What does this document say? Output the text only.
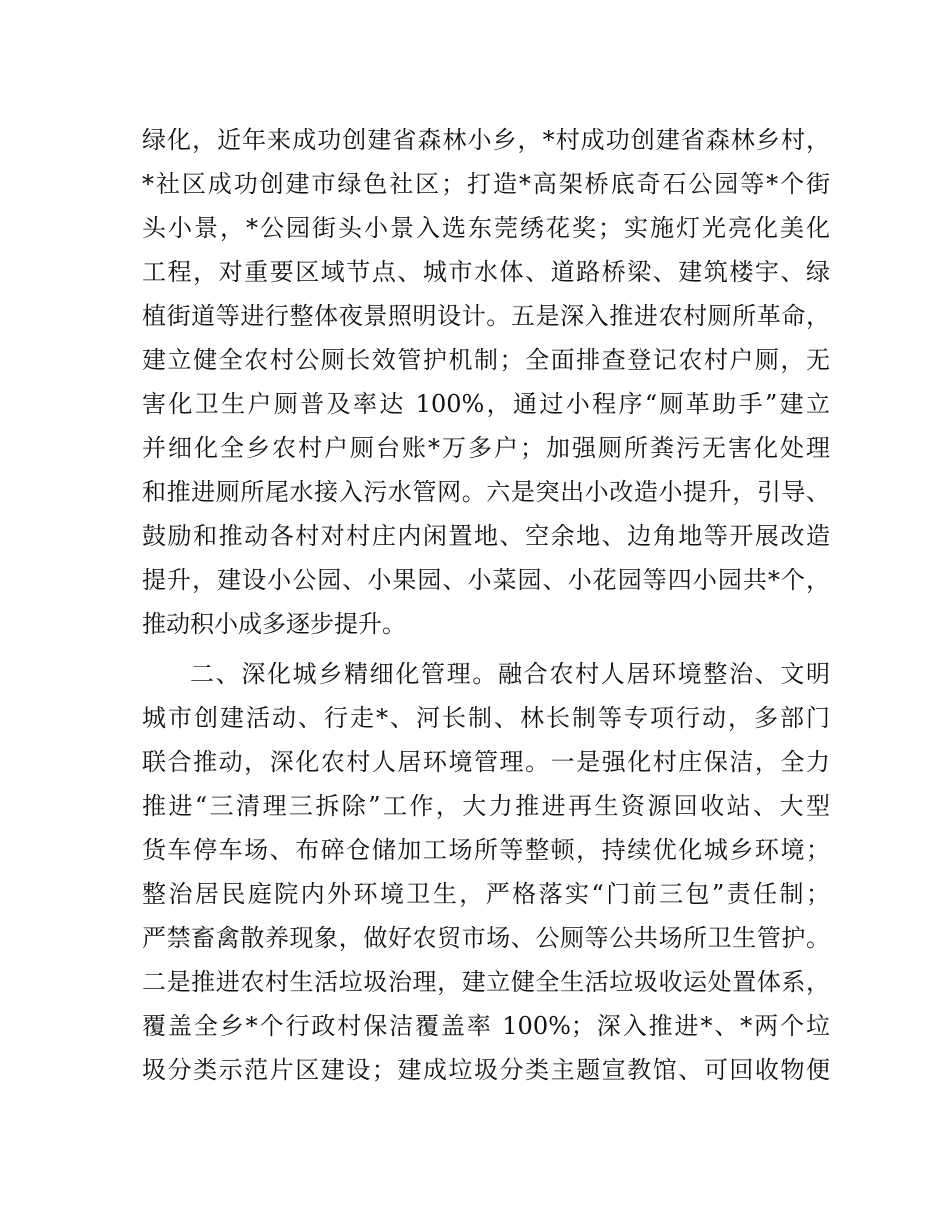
绿化，近年来成功创建省森林小乡，*村成功创建省森林乡村，
*社区成功创建市绿色社区；打造*高架桥底奇石公园等*个街
头小景，*公园街头小景入选东莞绣花奖；实施灯光亮化美化
工程，对重要区域节点、城市水体、道路桥梁、建筑楼宇、绿
植街道等进行整体夜景照明设计。五是深入推进农村厕所革命，
建立健全农村公厕长效管护机制；全面排查登记农村户厕，无
害化卫生户厕普及率达 100%，通过小程序“厕革助手”建立
并细化全乡农村户厕台账*万多户；加强厕所粪污无害化处理
和推进厕所尾水接入污水管网。六是突出小改造小提升，引导、
鼓励和推动各村对村庄内闲置地、空余地、边角地等开展改造
提升，建设小公园、小果园、小菜园、小花园等四小园共*个，
推动积小成多逐步提升。
二、深化城乡精细化管理。融合农村人居环境整治、文明
城市创建活动、行走*、河长制、林长制等专项行动，多部门
联合推动，深化农村人居环境管理。一是强化村庄保洁，全力
推进“三清理三拆除”工作，大力推进再生资源回收站、大型
货车停车场、布碎仓储加工场所等整顿，持续优化城乡环境；
整治居民庭院内外环境卫生，严格落实“门前三包”责任制；
严禁畜禽散养现象，做好农贸市场、公厕等公共场所卫生管护。
二是推进农村生活垃圾治理，建立健全生活垃圾收运处置体系，
覆盖全乡*个行政村保洁覆盖率 100%；深入推进*、*两个垃
圾分类示范片区建设；建成垃圾分类主题宣教馆、可回收物便
